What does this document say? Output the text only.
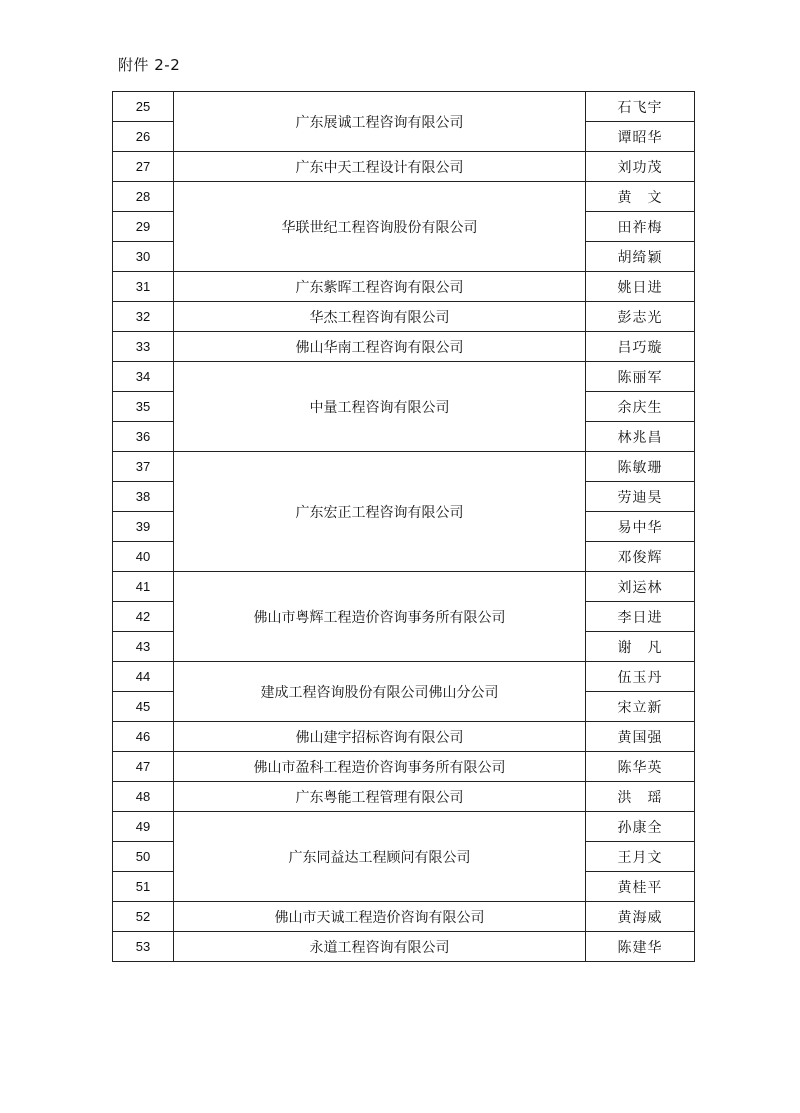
附件 2-2
25	广东展诚工程咨询有限公司	石飞宇
26		谭昭华
27	广东中天工程设计有限公司	刘功茂
28	华联世纪工程咨询股份有限公司	黄　文
29		田祚梅
30		胡绮颖
31	广东紫晖工程咨询有限公司	姚日进
32	华杰工程咨询有限公司	彭志光
33	佛山华南工程咨询有限公司	吕巧璇
34	中量工程咨询有限公司	陈丽军
35		余庆生
36		林兆昌
37	广东宏正工程咨询有限公司	陈敏珊
38		劳迪昊
39		易中华
40		邓俊辉
41	佛山市粤辉工程造价咨询事务所有限公司	刘运林
42		李日进
43		谢　凡
44	建成工程咨询股份有限公司佛山分公司	伍玉丹
45		宋立新
46	佛山建宇招标咨询有限公司	黄国强
47	佛山市盈科工程造价咨询事务所有限公司	陈华英
48	广东粤能工程管理有限公司	洪　瑶
49	广东同益达工程顾问有限公司	孙康全
50		王月文
51		黄桂平
52	佛山市天诚工程造价咨询有限公司	黄海威
53	永道工程咨询有限公司	陈建华
